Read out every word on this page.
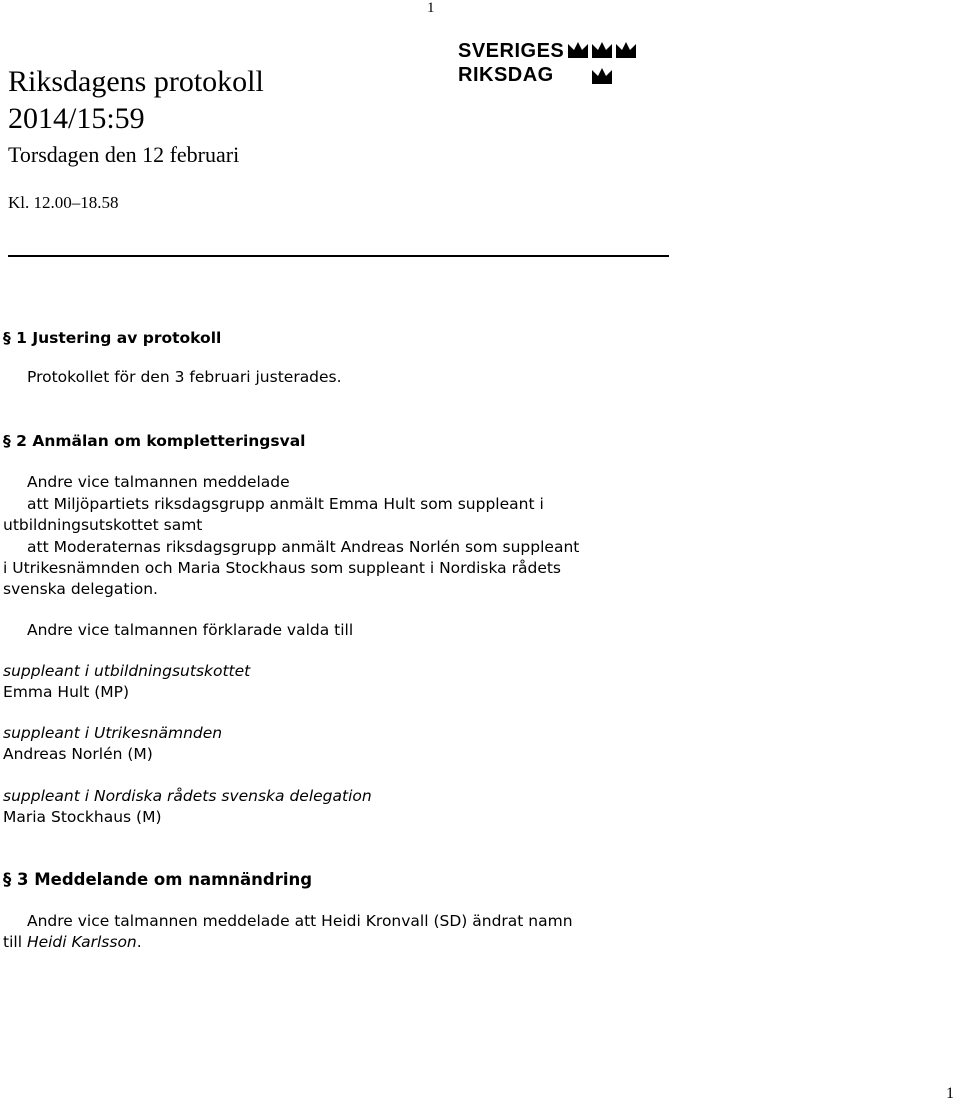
1
SVERIGES
RIKSDAG
Riksdagens protokoll
2014/15:59
Torsdagen den 12 februari
Kl. 12.00–18.58
§ 1 Justering av protokoll
Protokollet för den 3 februari justerades.
§ 2 Anmälan om kompletteringsval
Andre vice talmannen meddelade
att Miljöpartiets riksdagsgrupp anmält Emma Hult som suppleant i
utbildningsutskottet samt
att Moderaternas riksdagsgrupp anmält Andreas Norlén som suppleant
i Utrikesnämnden och Maria Stockhaus som suppleant i Nordiska rådets
svenska delegation.
Andre vice talmannen förklarade valda till
suppleant i utbildningsutskottet
Emma Hult (MP)
suppleant i Utrikesnämnden
Andreas Norlén (M)
suppleant i Nordiska rådets svenska delegation
Maria Stockhaus (M)
§ 3 Meddelande om namnändring
Andre vice talmannen meddelade att Heidi Kronvall (SD) ändrat namn
till Heidi Karlsson.
1
